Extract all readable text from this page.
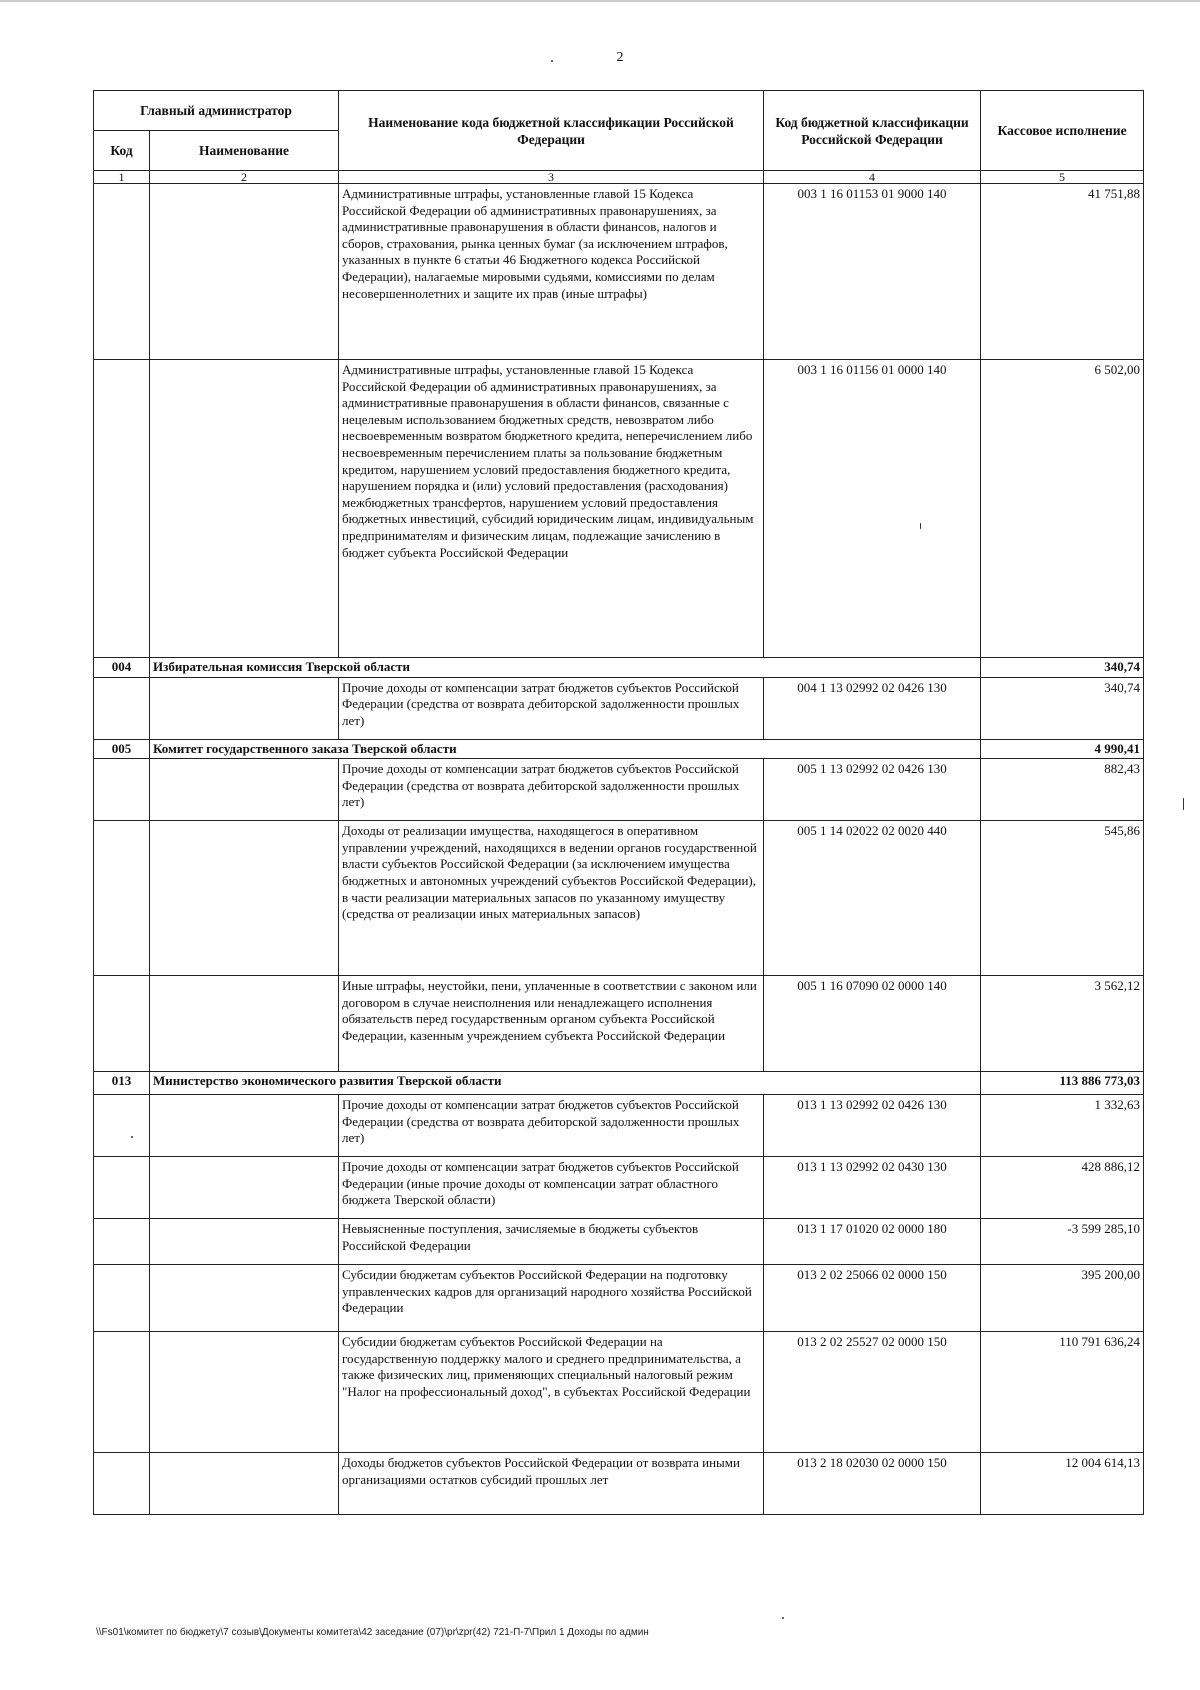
2
Главный администратор		Наименование кода бюджетной классификации Российской Федерации	Код бюджетной классификации Российской Федерации	Кассовое исполнение
Код	Наименование			
1	2	3	4	5
		Административные штрафы, установленные главой 15 Кодекса Российской Федерации об административных правонарушениях, за административные правонарушения в области финансов, налогов и сборов, страхования, рынка ценных бумаг (за исключением штрафов, указанных в пункте 6 статьи 46 Бюджетного кодекса Российской Федерации), налагаемые мировыми судьями, комиссиями по делам несовершеннолетних и защите их прав (иные штрафы)	003 1 16 01153 01 9000 140	41 751,88
		Административные штрафы, установленные главой 15 Кодекса Российской Федерации об административных правонарушениях, за административные правонарушения в области финансов, связанные с нецелевым использованием бюджетных средств, невозвратом либо несвоевременным возвратом бюджетного кредита, неперечислением либо несвоевременным перечислением платы за пользование бюджетным кредитом, нарушением условий предоставления бюджетного кредита, нарушением порядка и (или) условий предоставления (расходования) межбюджетных трансфертов, нарушением условий предоставления бюджетных инвестиций, субсидий юридическим лицам, индивидуальным предпринимателям и физическим лицам, подлежащие зачислению в бюджет субъекта Российской Федерации	003 1 16 01156 01 0000 140	6 502,00
004	Избирательная комиссия Тверской области			340,74
		Прочие доходы от компенсации затрат бюджетов субъектов Российской Федерации (средства от возврата дебиторской задолженности прошлых лет)	004 1 13 02992 02 0426 130	340,74
005	Комитет государственного заказа Тверской области			4 990,41
		Прочие доходы от компенсации затрат бюджетов субъектов Российской Федерации (средства от возврата дебиторской задолженности прошлых лет)	005 1 13 02992 02 0426 130	882,43
		Доходы от реализации имущества, находящегося в оперативном управлении учреждений, находящихся в ведении органов государственной власти субъектов Российской Федерации (за исключением имущества бюджетных и автономных учреждений субъектов Российской Федерации), в части реализации материальных запасов по указанному имуществу (средства от реализации иных материальных запасов)	005 1 14 02022 02 0020 440	545,86
		Иные штрафы, неустойки, пени, уплаченные в соответствии с законом или договором в случае неисполнения или ненадлежащего исполнения обязательств перед государственным органом субъекта Российской Федерации, казенным учреждением субъекта Российской Федерации	005 1 16 07090 02 0000 140	3 562,12
013	Министерство экономического развития Тверской области			113 886 773,03
		Прочие доходы от компенсации затрат бюджетов субъектов Российской Федерации (средства от возврата дебиторской задолженности прошлых лет)	013 1 13 02992 02 0426 130	1 332,63
		Прочие доходы от компенсации затрат бюджетов субъектов Российской Федерации (иные прочие доходы от компенсации затрат областного бюджета Тверской области)	013 1 13 02992 02 0430 130	428 886,12
		Невыясненные поступления, зачисляемые в бюджеты субъектов Российской Федерации	013 1 17 01020 02 0000 180	-3 599 285,10
		Субсидии бюджетам субъектов Российской Федерации на подготовку управленческих кадров для организаций народного хозяйства Российской Федерации	013 2 02 25066 02 0000 150	395 200,00
		Субсидии бюджетам субъектов Российской Федерации на государственную поддержку малого и среднего предпринимательства, а также физических лиц, применяющих специальный налоговый режим "Налог на профессиональный доход", в субъектах Российской Федерации	013 2 02 25527 02 0000 150	110 791 636,24
		Доходы бюджетов субъектов Российской Федерации от возврата иными организациями остатков субсидий прошлых лет	013 2 18 02030 02 0000 150	12 004 614,13
\\Fs01\комитет по бюджету\7 созыв\Документы комитета\42 заседание (07)\pr\zpr(42) 721-П-7\Прил 1 Доходы по админ
